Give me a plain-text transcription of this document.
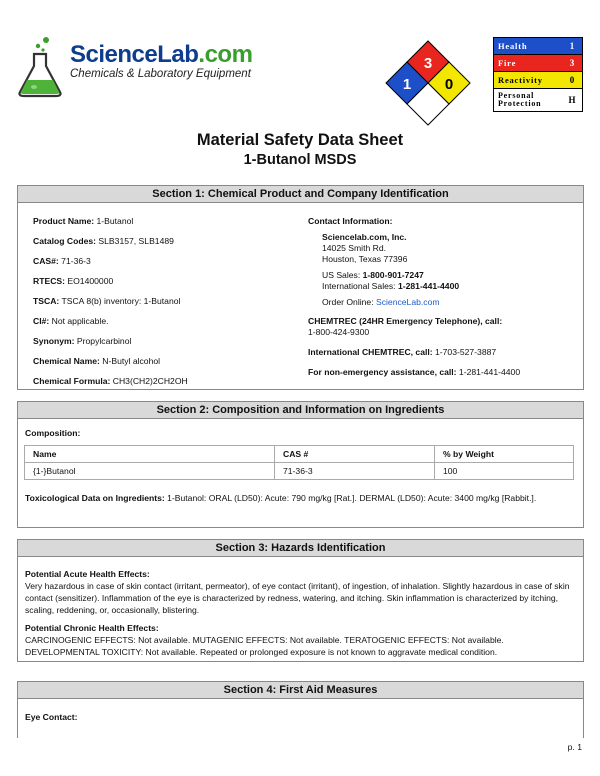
ScienceLab.com
Chemicals & Laboratory Equipment
3
1 0
Health	1
Fire	3
Reactivity	0
Personal Protection	H
Material Safety Data Sheet
1-Butanol MSDS
Section 1: Chemical Product and Company Identification
Product Name: 1-Butanol
Catalog Codes: SLB3157, SLB1489
CAS#: 71-36-3
RTECS: EO1400000
TSCA: TSCA 8(b) inventory: 1-Butanol
CI#: Not applicable.
Synonym: Propylcarbinol
Chemical Name: N-Butyl alcohol
Chemical Formula: CH3(CH2)2CH2OH
Contact Information:
Sciencelab.com, Inc.
14025 Smith Rd.
Houston, Texas 77396
US Sales: 1-800-901-7247
International Sales: 1-281-441-4400
Order Online: ScienceLab.com
CHEMTREC (24HR Emergency Telephone), call:
1-800-424-9300
International CHEMTREC, call: 1-703-527-3887
For non-emergency assistance, call: 1-281-441-4400
Section 2: Composition and Information on Ingredients
Composition:
Name	CAS #	% by Weight
{1-}Butanol	71-36-3	100
Toxicological Data on Ingredients: 1-Butanol: ORAL (LD50): Acute: 790 mg/kg [Rat.]. DERMAL (LD50): Acute: 3400 mg/kg [Rabbit.].
Section 3: Hazards Identification
Potential Acute Health Effects:
Very hazardous in case of skin contact (irritant, permeator), of eye contact (irritant), of ingestion, of inhalation. Slightly hazardous in case of skin contact (sensitizer). Inflammation of the eye is characterized by redness, watering, and itching. Skin inflammation is characterized by itching, scaling, reddening, or, occasionally, blistering.
Potential Chronic Health Effects:
CARCINOGENIC EFFECTS: Not available. MUTAGENIC EFFECTS: Not available. TERATOGENIC EFFECTS: Not available. DEVELOPMENTAL TOXICITY: Not available. Repeated or prolonged exposure is not known to aggravate medical condition.
Section 4: First Aid Measures
Eye Contact:
p. 1
